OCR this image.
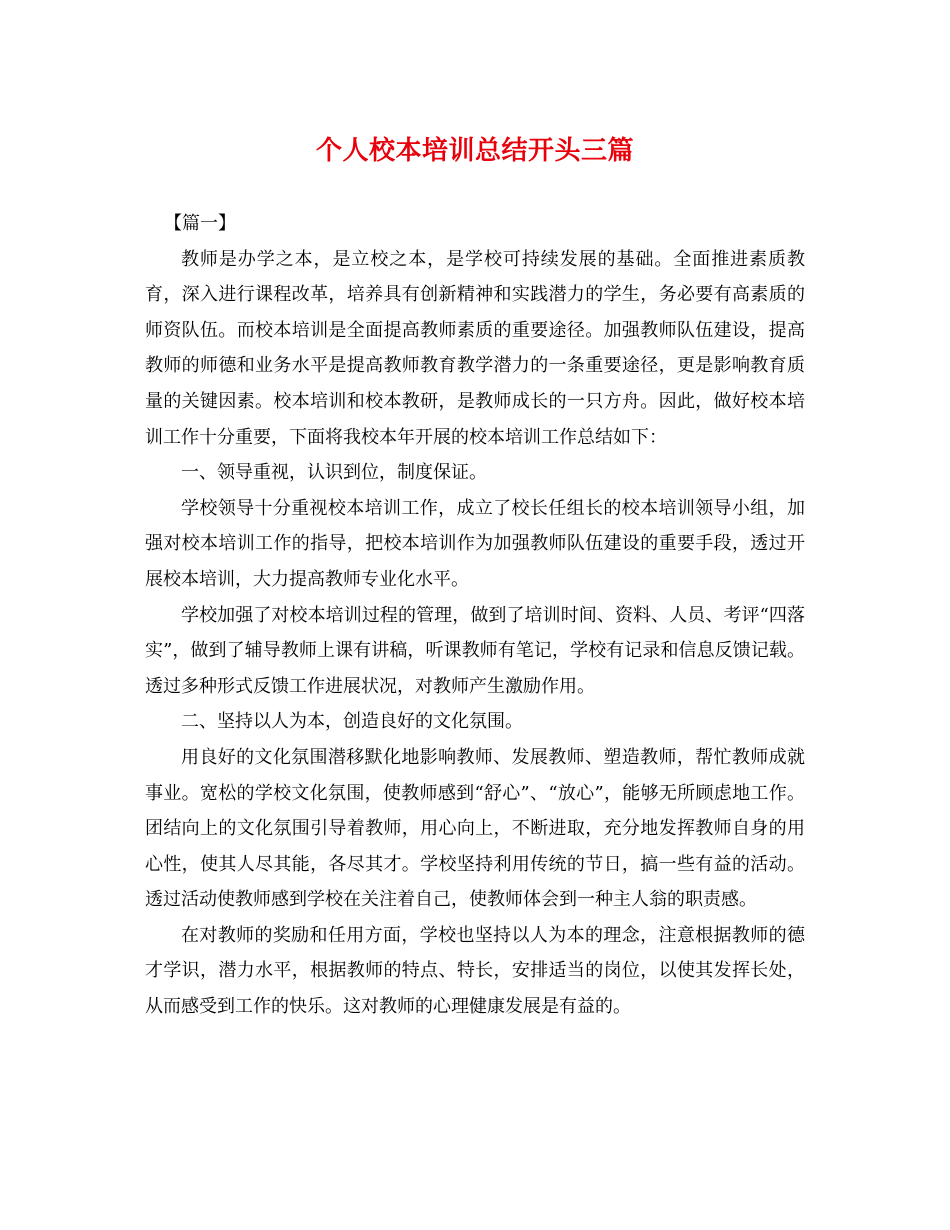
个人校本培训总结开头三篇

【篇一】

教师是办学之本，是立校之本，是学校可持续发展的基础。全面推进素质教育，深入进行课程改革，培养具有创新精神和实践潜力的学生，务必要有高素质的师资队伍。而校本培训是全面提高教师素质的重要途径。加强教师队伍建设，提高教师的师德和业务水平是提高教师教育教学潜力的一条重要途径，更是影响教育质量的关键因素。校本培训和校本教研，是教师成长的一只方舟。因此，做好校本培训工作十分重要，下面将我校本年开展的校本培训工作总结如下：

一、领导重视，认识到位，制度保证。

学校领导十分重视校本培训工作，成立了校长任组长的校本培训领导小组，加强对校本培训工作的指导，把校本培训作为加强教师队伍建设的重要手段，透过开展校本培训，大力提高教师专业化水平。

学校加强了对校本培训过程的管理，做到了培训时间、资料、人员、考评“四落实”，做到了辅导教师上课有讲稿，听课教师有笔记，学校有记录和信息反馈记载。透过多种形式反馈工作进展状况，对教师产生激励作用。

二、坚持以人为本，创造良好的文化氛围。

用良好的文化氛围潜移默化地影响教师、发展教师、塑造教师，帮忙教师成就事业。宽松的学校文化氛围，使教师感到“舒心”、“放心”，能够无所顾虑地工作。团结向上的文化氛围引导着教师，用心向上，不断进取，充分地发挥教师自身的用心性，使其人尽其能，各尽其才。学校坚持利用传统的节日，搞一些有益的活动。透过活动使教师感到学校在关注着自己，使教师体会到一种主人翁的职责感。

在对教师的奖励和任用方面，学校也坚持以人为本的理念，注意根据教师的德才学识，潜力水平，根据教师的特点、特长，安排适当的岗位，以使其发挥长处，从而感受到工作的快乐。这对教师的心理健康发展是有益的。
